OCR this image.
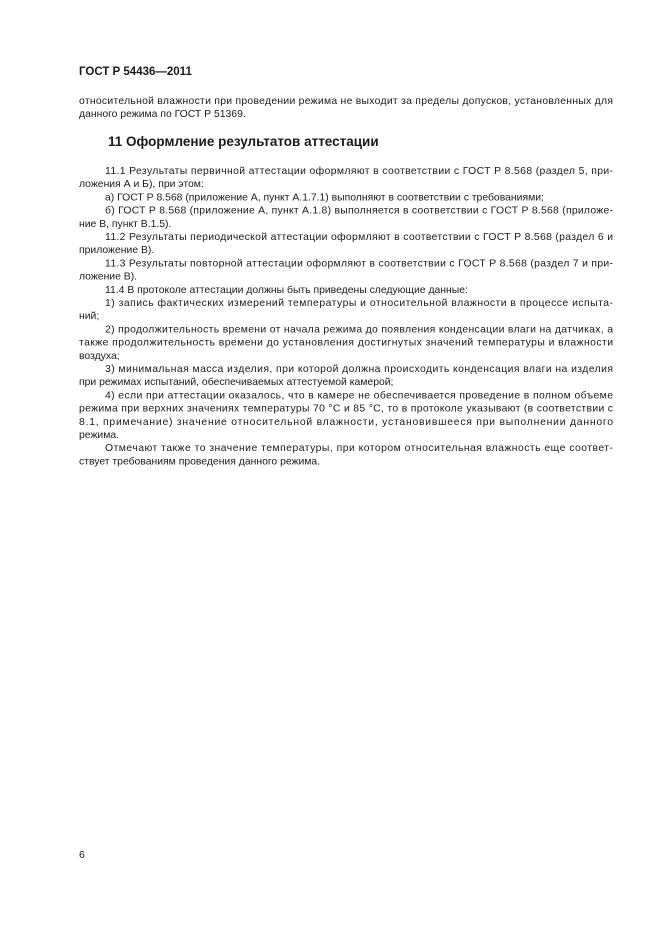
ГОСТ Р 54436—2011
относительной влажности при проведении режима не выходит за пределы допусков, установленных для
данного режима по ГОСТ Р 51369.
11 Оформление результатов аттестации
11.1 Результаты первичной аттестации оформляют в соответствии с ГОСТ Р 8.568 (раздел 5, при-
ложения А и Б), при этом:
а) ГОСТ Р 8.568 (приложение А, пункт А.1.7.1) выполняют в соответствии с требованиями;
б) ГОСТ Р 8.568 (приложение А, пункт А.1.8) выполняется в соответствии с ГОСТ Р 8.568 (приложе-
ние В, пункт В.1.5).
11.2 Результаты периодической аттестации оформляют в соответствии с ГОСТ Р 8.568 (раздел 6 и
приложение В).
11.3 Результаты повторной аттестации оформляют в соответствии с ГОСТ Р 8.568 (раздел 7 и при-
ложение В).
11.4 В протоколе аттестации должны быть приведены следующие данные:
1) запись фактических измерений температуры и относительной влажности в процессе испыта-
ний;
2) продолжительность времени от начала режима до появления конденсации влаги на датчиках, а
также продолжительность времени до установления достигнутых значений температуры и влажности
воздуха;
3) минимальная масса изделия, при которой должна происходить конденсация влаги на изделия
при режимах испытаний, обеспечиваемых аттестуемой камерой;
4) если при аттестации оказалось, что в камере не обеспечивается проведение в полном объеме
режима при верхних значениях температуры 70 °С и 85 °С, то в протоколе указывают (в соответствии с
8.1, примечание) значение относительной влажности, установившееся при выполнении данного
режима.
Отмечают также то значение температуры, при котором относительная влажность еще соответ-
ствует требованиям проведения данного режима.
6
